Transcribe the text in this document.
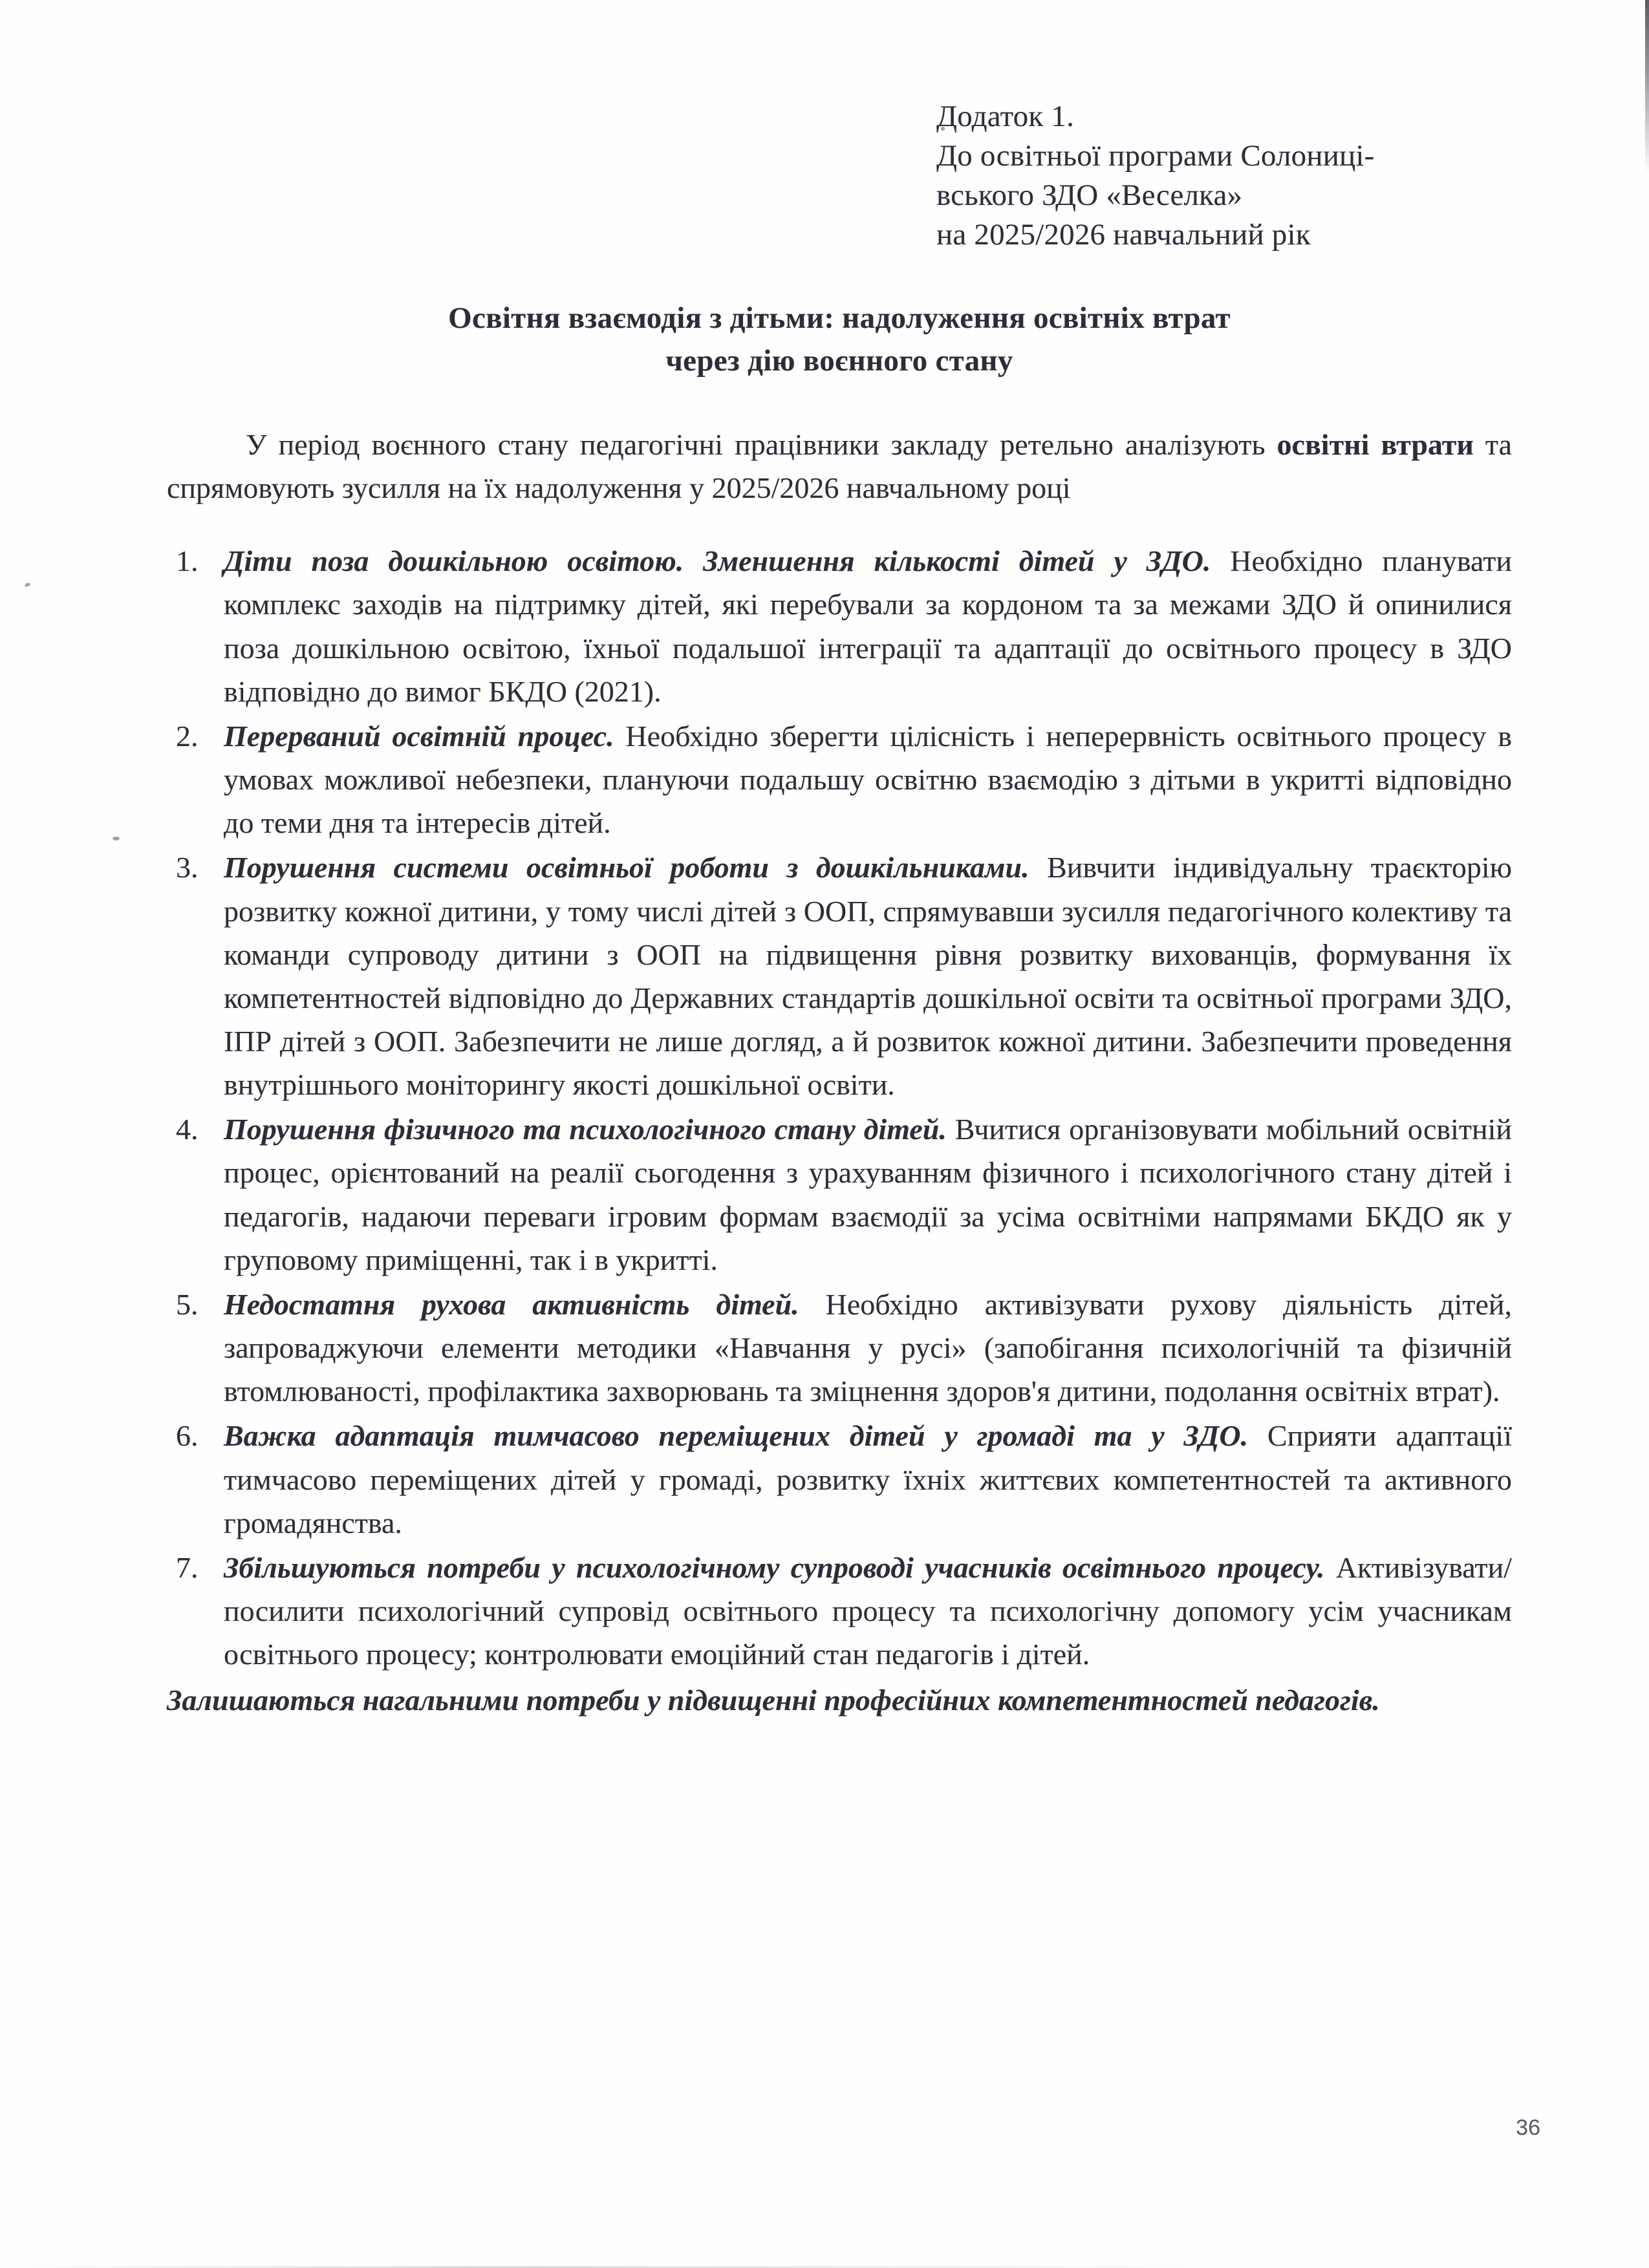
Додаток 1.
До освітньої програми Солониці-
вського ЗДО «Веселка»
на 2025/2026 навчальний рік
Освітня взаємодія з дітьми: надолуження освітніх втрат
через дію воєнного стану

У період воєнного стану педагогічні працівники закладу ретельно аналізують освітні втрати та спрямовують зусилля на їх надолуження у 2025/2026 навчальному році

Діти поза дошкільною освітою. Зменшення кількості дітей у ЗДО. Необхідно планувати комплекс заходів на підтримку дітей, які перебували за кордоном та за межами ЗДО й опинилися поза дошкільною освітою, їхньої подальшої інтеграції та адаптації до освітнього процесу в ЗДО відповідно до вимог БКДО (2021).
Перерваний освітній процес. Необхідно зберегти цілісність і неперервність освітнього процесу в умовах можливої небезпеки, плануючи подальшу освітню взаємодію з дітьми в укритті відповідно до теми дня та інтересів дітей.
Порушення системи освітньої роботи з дошкільниками. Вивчити індивідуальну траєкторію розвитку кожної дитини, у тому числі дітей з ООП, спрямувавши зусилля педагогічного колективу та команди супроводу дитини з ООП на підвищення рівня розвитку вихованців, формування їх компетентностей відповідно до Державних стандартів дошкільної освіти та освітньої програми ЗДО, ІПР дітей з ООП. Забезпечити не лише догляд, а й розвиток кожної дитини. Забезпечити проведення внутрішнього моніторингу якості дошкільної освіти.
Порушення фізичного та психологічного стану дітей. Вчитися організовувати мобільний освітній процес, орієнтований на реалії сьогодення з урахуванням фізичного і психологічного стану дітей і педагогів, надаючи переваги ігровим формам взаємодії за усіма освітніми напрямами БКДО як у груповому приміщенні, так і в укритті.
Недостатня рухова активність дітей. Необхідно активізувати рухову діяльність дітей, запроваджуючи елементи методики «Навчання у русі» (запобігання психологічній та фізичній втомлюваності, профілактика захворювань та зміцнення здоров'я дитини, подолання освітніх втрат).
Важка адаптація тимчасово переміщених дітей у громаді та у ЗДО. Сприяти адаптації тимчасово переміщених дітей у громаді, розвитку їхніх життєвих компетентностей та активного громадянства.
Збільшуються потреби у психологічному супроводі учасників освітнього процесу. Активізувати/посилити психологічний супровід освітнього процесу та психологічну допомогу усім учасникам освітнього процесу; контролювати емоційний стан педагогів і дітей.

Залишаються нагальними потреби у підвищенні професійних компетентностей педагогів.

36
